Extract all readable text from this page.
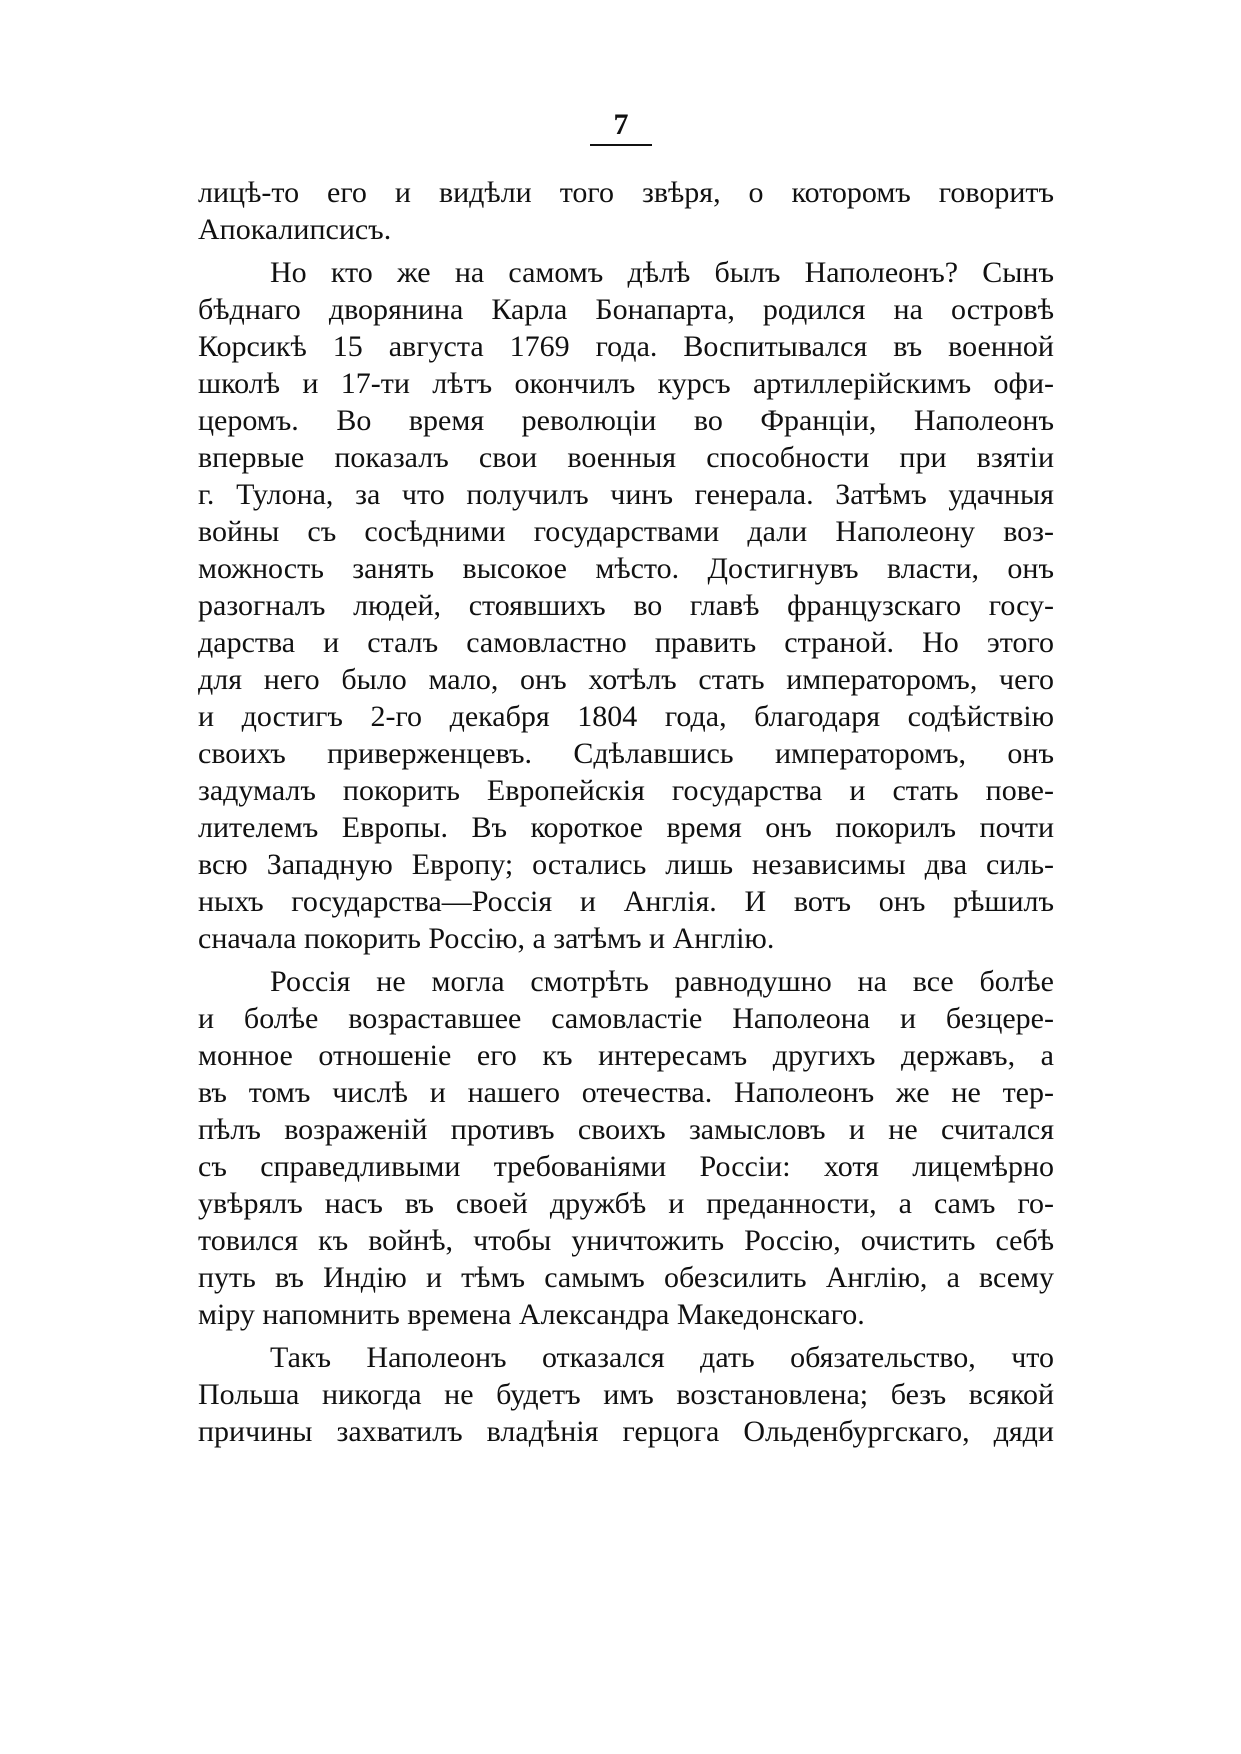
7
лицѣ-то его и видѣли того звѣря, о которомъ говоритъ
Апокалипсисъ.
Но кто же на самомъ дѣлѣ былъ Наполеонъ? Сынъ
бѣднаго дворянина Карла Бонапарта, родился на островѣ
Корсикѣ 15 августа 1769 года. Воспитывался въ военной
школѣ и 17-ти лѣтъ окончилъ курсъ артиллерійскимъ офи-
церомъ. Во время революціи во Франціи, Наполеонъ
впервые показалъ свои военныя способности при взятіи
г. Тулона, за что получилъ чинъ генерала. Затѣмъ удачныя
войны съ сосѣдними государствами дали Наполеону воз-
можность занять высокое мѣсто. Достигнувъ власти, онъ
разогналъ людей, стоявшихъ во главѣ французскаго госу-
дарства и сталъ самовластно править страной. Но этого
для него было мало, онъ хотѣлъ стать императоромъ, чего
и достигъ 2-го декабря 1804 года, благодаря содѣйствію
своихъ приверженцевъ. Сдѣлавшись императоромъ, онъ
задумалъ покорить Европейскія государства и стать пове-
лителемъ Европы. Въ короткое время онъ покорилъ почти
всю Западную Европу; остались лишь независимы два силь-
ныхъ государства—Россія и Англія. И вотъ онъ рѣшилъ
сначала покорить Россію, а затѣмъ и Англію.
Россія не могла смотрѣть равнодушно на все болѣе
и болѣе возраставшее самовластіе Наполеона и безцере-
монное отношеніе его къ интересамъ другихъ державъ, а
въ томъ числѣ и нашего отечества. Наполеонъ же не тер-
пѣлъ возраженій противъ своихъ замысловъ и не считался
съ справедливыми требованіями Россіи: хотя лицемѣрно
увѣрялъ насъ въ своей дружбѣ и преданности, а самъ го-
товился къ войнѣ, чтобы уничтожить Россію, очистить себѣ
путь въ Индію и тѣмъ самымъ обезсилить Англію, а всему
міру напомнить времена Александра Македонскаго.
Такъ Наполеонъ отказался дать обязательство, что
Польша никогда не будетъ имъ возстановлена; безъ всякой
причины захватилъ владѣнія герцога Ольденбургскаго, дяди
